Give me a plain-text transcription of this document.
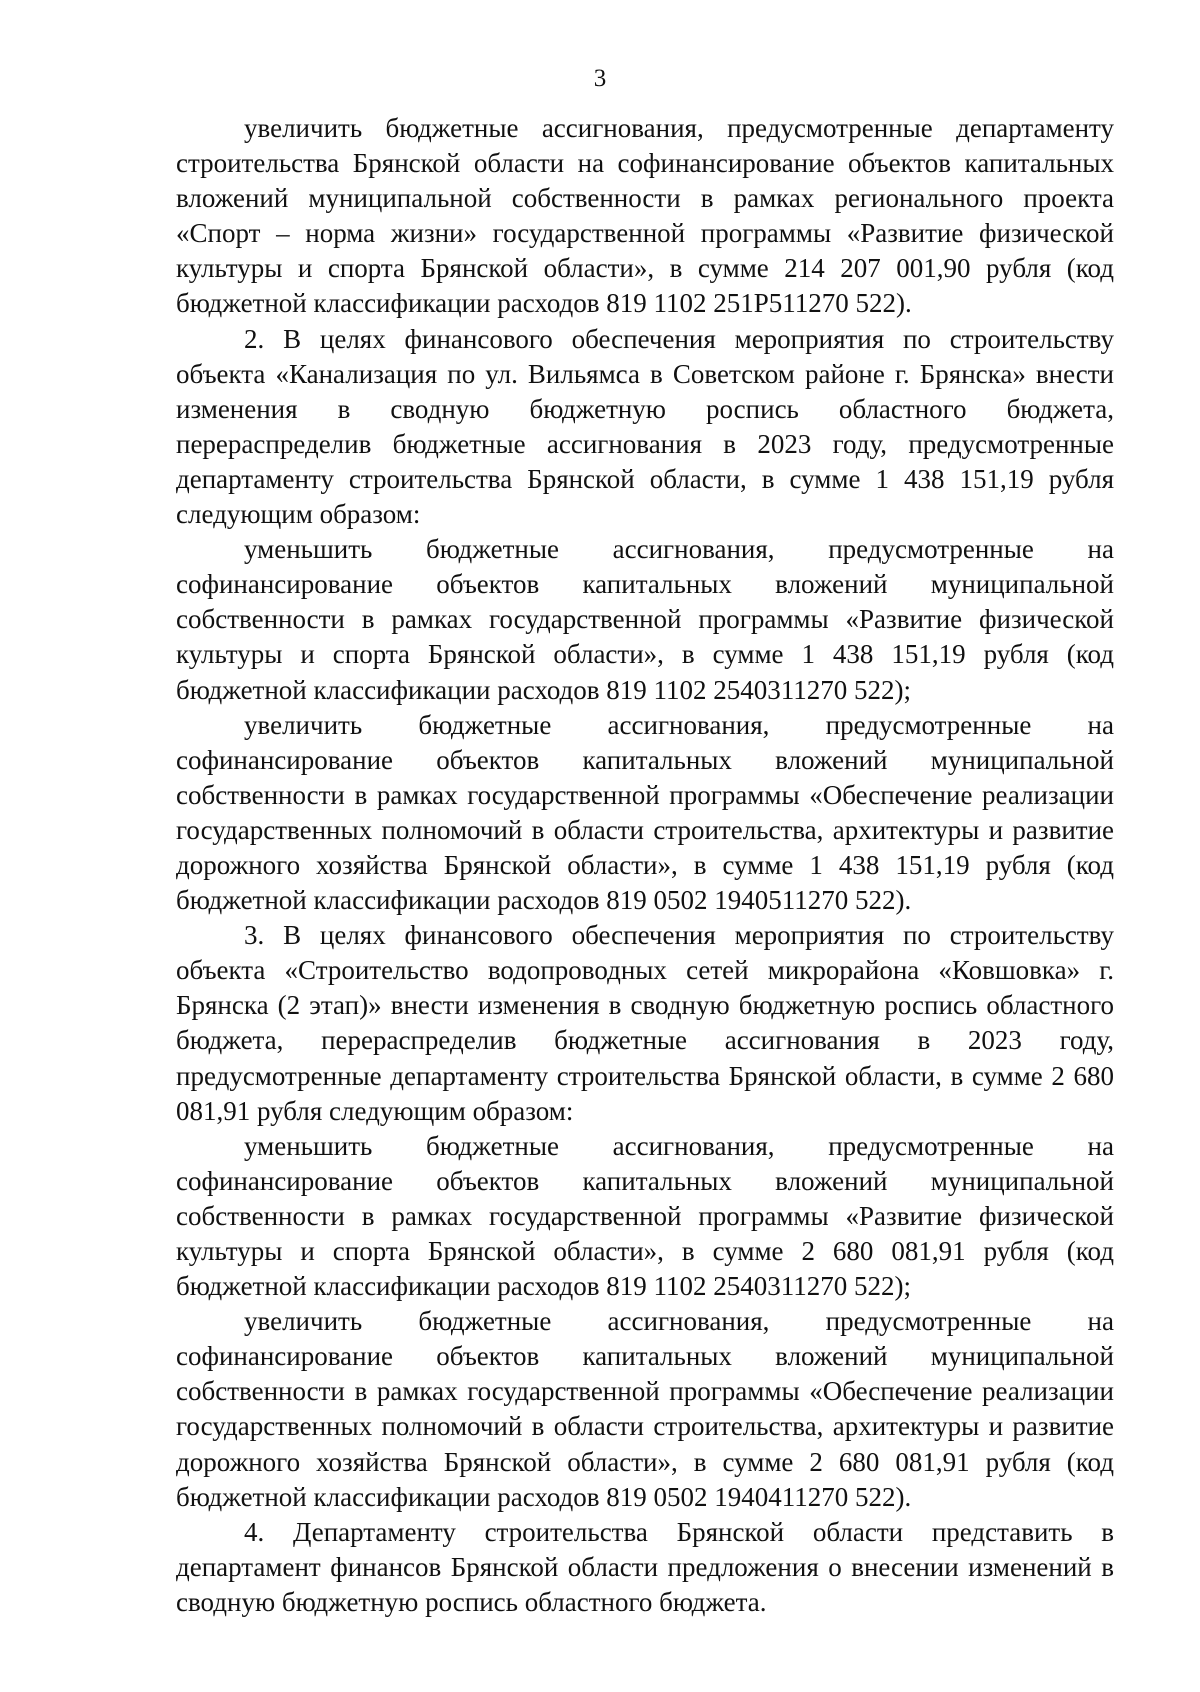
3

увеличить бюджетные ассигнования, предусмотренные департаменту строительства Брянской области на софинансирование объектов капитальных вложений муниципальной собственности в рамках регионального проекта «Спорт – норма жизни» государственной программы «Развитие физической культуры и спорта Брянской области», в сумме 214 207 001,90 рубля (код бюджетной классификации расходов 819 1102 251P511270 522).

2. В целях финансового обеспечения мероприятия по строительству объекта «Канализация по ул. Вильямса в Советском районе г. Брянска» внести изменения в сводную бюджетную роспись областного бюджета, перераспределив бюджетные ассигнования в 2023 году, предусмотренные департаменту строительства Брянской области, в сумме 1 438 151,19 рубля следующим образом:

уменьшить бюджетные ассигнования, предусмотренные на софинансирование объектов капитальных вложений муниципальной собственности в рамках государственной программы «Развитие физической культуры и спорта Брянской области», в сумме 1 438 151,19 рубля (код бюджетной классификации расходов 819 1102 2540311270 522);

увеличить бюджетные ассигнования, предусмотренные на софинансирование объектов капитальных вложений муниципальной собственности в рамках государственной программы «Обеспечение реализации государственных полномочий в области строительства, архитектуры и развитие дорожного хозяйства Брянской области», в сумме 1 438 151,19 рубля (код бюджетной классификации расходов 819 0502 1940511270 522).

3. В целях финансового обеспечения мероприятия по строительству объекта «Строительство водопроводных сетей микрорайона «Ковшовка» г. Брянска (2 этап)» внести изменения в сводную бюджетную роспись областного бюджета, перераспределив бюджетные ассигнования в 2023 году, предусмотренные департаменту строительства Брянской области, в сумме 2 680 081,91 рубля следующим образом:

уменьшить бюджетные ассигнования, предусмотренные на софинансирование объектов капитальных вложений муниципальной собственности в рамках государственной программы «Развитие физической культуры и спорта Брянской области», в сумме 2 680 081,91 рубля (код бюджетной классификации расходов 819 1102 2540311270 522);

увеличить бюджетные ассигнования, предусмотренные на софинансирование объектов капитальных вложений муниципальной собственности в рамках государственной программы «Обеспечение реализации государственных полномочий в области строительства, архитектуры и развитие дорожного хозяйства Брянской области», в сумме 2 680 081,91 рубля (код бюджетной классификации расходов 819 0502 1940411270 522).

4. Департаменту строительства Брянской области представить в департамент финансов Брянской области предложения о внесении изменений в сводную бюджетную роспись областного бюджета.
